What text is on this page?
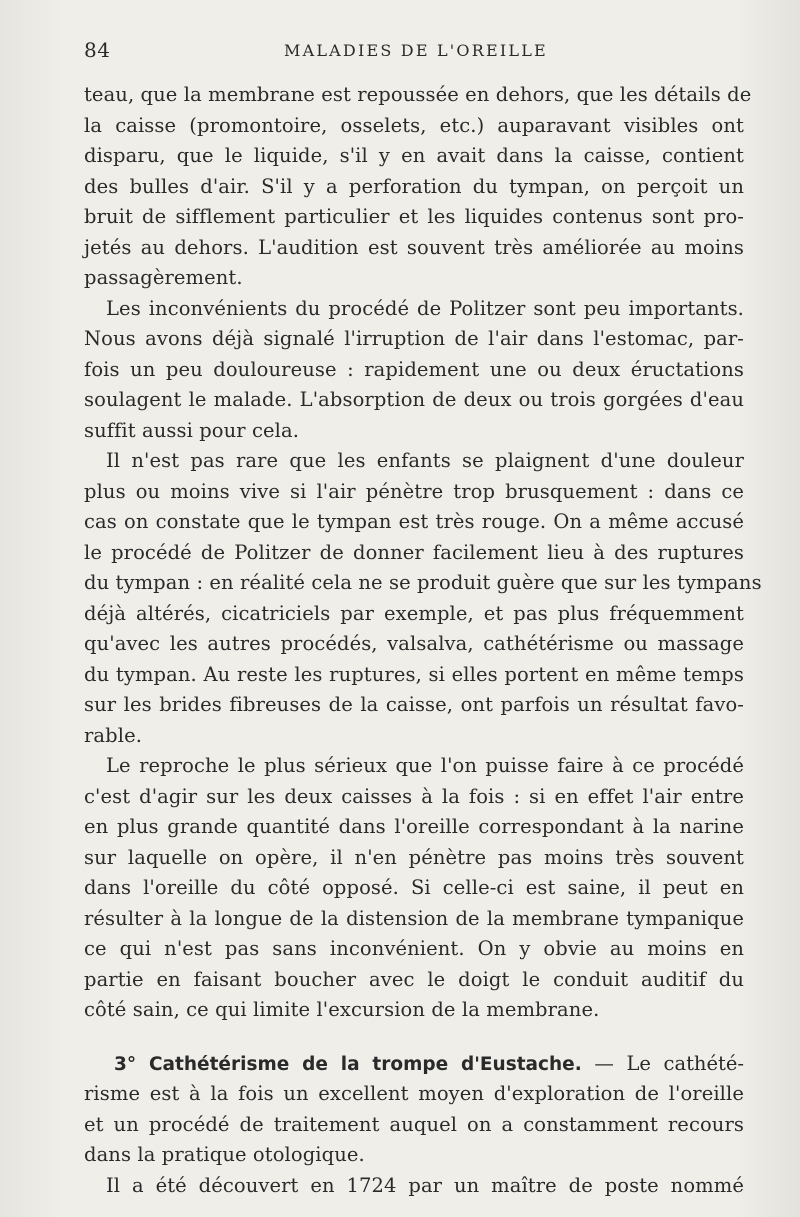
84	MALADIES DE L'OREILLE
teau, que la membrane est repoussée en dehors, que les détails de
la caisse (promontoire, osselets, etc.) auparavant visibles ont
disparu, que le liquide, s'il y en avait dans la caisse, contient
des bulles d'air. S'il y a perforation du tympan, on perçoit un
bruit de sifflement particulier et les liquides contenus sont pro-
jetés au dehors. L'audition est souvent très améliorée au moins
passagèrement.
Les inconvénients du procédé de Politzer sont peu importants.
Nous avons déjà signalé l'irruption de l'air dans l'estomac, par-
fois un peu douloureuse : rapidement une ou deux éructations
soulagent le malade. L'absorption de deux ou trois gorgées d'eau
suffit aussi pour cela.
Il n'est pas rare que les enfants se plaignent d'une douleur
plus ou moins vive si l'air pénètre trop brusquement : dans ce
cas on constate que le tympan est très rouge. On a même accusé
le procédé de Politzer de donner facilement lieu à des ruptures
du tympan : en réalité cela ne se produit guère que sur les tympans
déjà altérés, cicatriciels par exemple, et pas plus fréquemment
qu'avec les autres procédés, valsalva, cathétérisme ou massage
du tympan. Au reste les ruptures, si elles portent en même temps
sur les brides fibreuses de la caisse, ont parfois un résultat favo-
rable.
Le reproche le plus sérieux que l'on puisse faire à ce procédé
c'est d'agir sur les deux caisses à la fois : si en effet l'air entre
en plus grande quantité dans l'oreille correspondant à la narine
sur laquelle on opère, il n'en pénètre pas moins très souvent
dans l'oreille du côté opposé. Si celle-ci est saine, il peut en
résulter à la longue de la distension de la membrane tympanique
ce qui n'est pas sans inconvénient. On y obvie au moins en
partie en faisant boucher avec le doigt le conduit auditif du
côté sain, ce qui limite l'excursion de la membrane.
3° Cathétérisme de la trompe d'Eustache. — Le cathété-
risme est à la fois un excellent moyen d'exploration de l'oreille
et un procédé de traitement auquel on a constamment recours
dans la pratique otologique.
Il a été découvert en 1724 par un maître de poste nommé
